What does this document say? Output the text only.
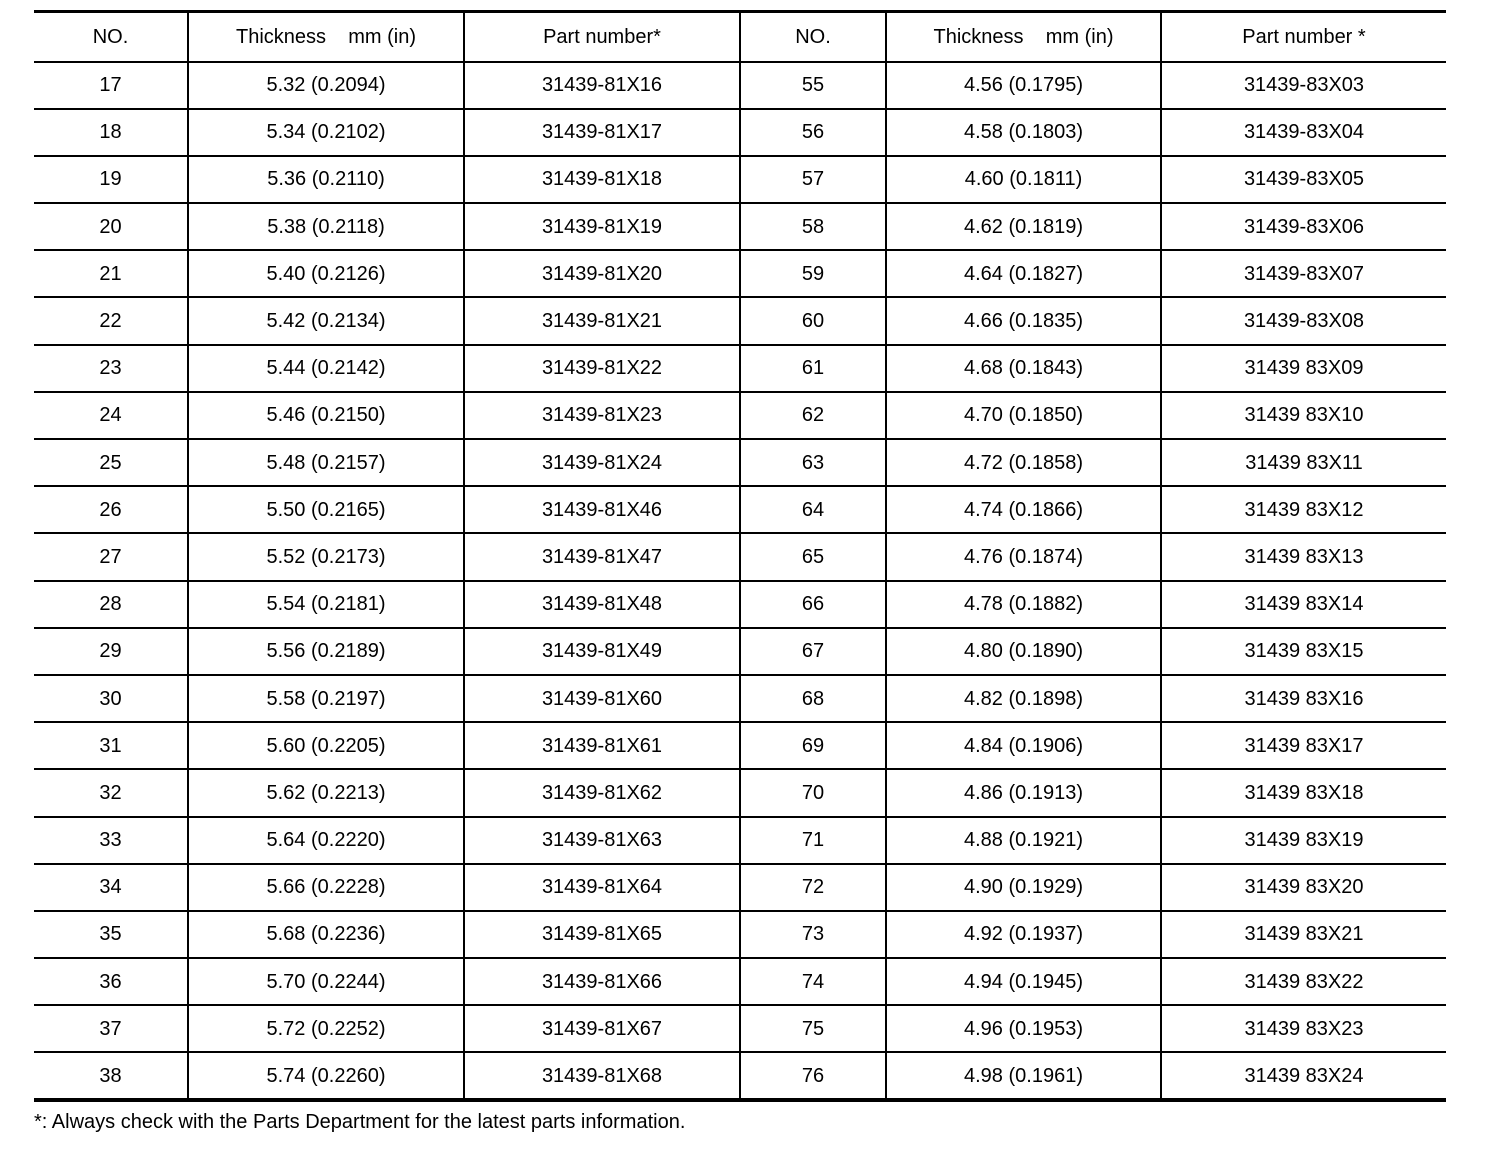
NO.	Thickness    mm (in)	Part number*	NO.	Thickness    mm (in)	Part number *
17	5.32 (0.2094)	31439-81X16	55	4.56 (0.1795)	31439-83X03
18	5.34 (0.2102)	31439-81X17	56	4.58 (0.1803)	31439-83X04
19	5.36 (0.2110)	31439-81X18	57	4.60 (0.1811)	31439-83X05
20	5.38 (0.2118)	31439-81X19	58	4.62 (0.1819)	31439-83X06
21	5.40 (0.2126)	31439-81X20	59	4.64 (0.1827)	31439-83X07
22	5.42 (0.2134)	31439-81X21	60	4.66 (0.1835)	31439-83X08
23	5.44 (0.2142)	31439-81X22	61	4.68 (0.1843)	31439 83X09
24	5.46 (0.2150)	31439-81X23	62	4.70 (0.1850)	31439 83X10
25	5.48 (0.2157)	31439-81X24	63	4.72 (0.1858)	31439 83X11
26	5.50 (0.2165)	31439-81X46	64	4.74 (0.1866)	31439 83X12
27	5.52 (0.2173)	31439-81X47	65	4.76 (0.1874)	31439 83X13
28	5.54 (0.2181)	31439-81X48	66	4.78 (0.1882)	31439 83X14
29	5.56 (0.2189)	31439-81X49	67	4.80 (0.1890)	31439 83X15
30	5.58 (0.2197)	31439-81X60	68	4.82 (0.1898)	31439 83X16
31	5.60 (0.2205)	31439-81X61	69	4.84 (0.1906)	31439 83X17
32	5.62 (0.2213)	31439-81X62	70	4.86 (0.1913)	31439 83X18
33	5.64 (0.2220)	31439-81X63	71	4.88 (0.1921)	31439 83X19
34	5.66 (0.2228)	31439-81X64	72	4.90 (0.1929)	31439 83X20
35	5.68 (0.2236)	31439-81X65	73	4.92 (0.1937)	31439 83X21
36	5.70 (0.2244)	31439-81X66	74	4.94 (0.1945)	31439 83X22
37	5.72 (0.2252)	31439-81X67	75	4.96 (0.1953)	31439 83X23
38	5.74 (0.2260)	31439-81X68	76	4.98 (0.1961)	31439 83X24
*: Always check with the Parts Department for the latest parts information.
